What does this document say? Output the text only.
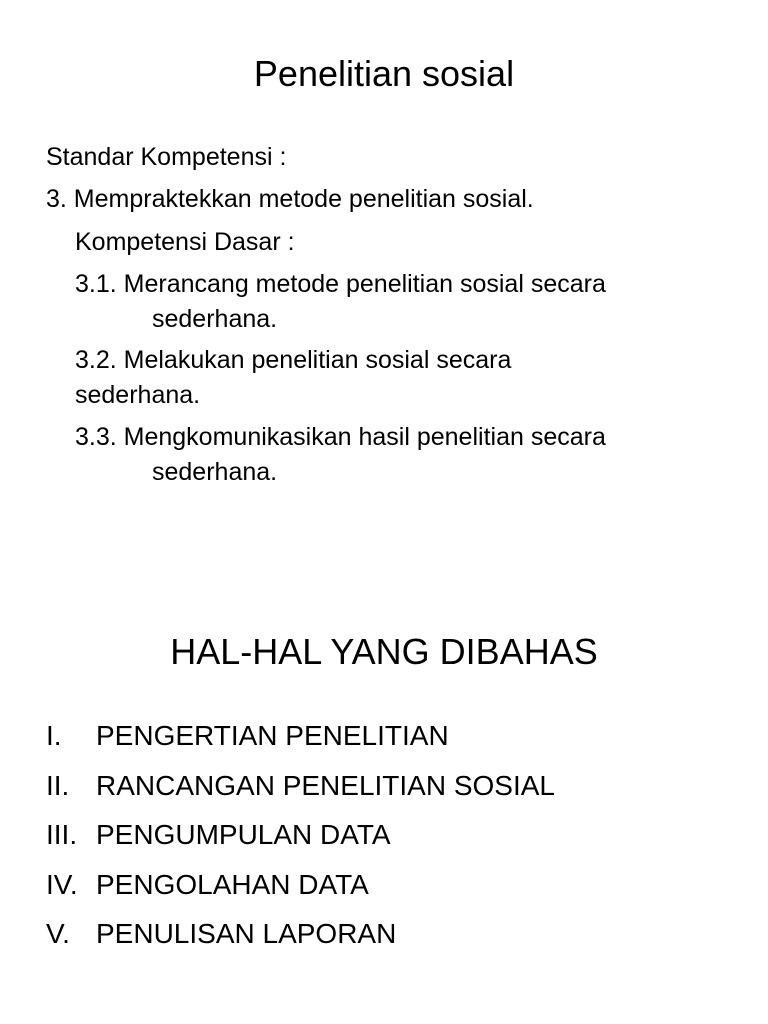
Penelitian sosial
Standar Kompetensi :
3. Mempraktekkan metode penelitian sosial.
Kompetensi Dasar :
3.1. Merancang metode penelitian sosial secara
sederhana.
3.2. Melakukan penelitian sosial secara
sederhana.
3.3. Mengkomunikasikan hasil penelitian secara
sederhana.
HAL-HAL YANG DIBAHAS
I. PENGERTIAN PENELITIAN
II. RANCANGAN PENELITIAN SOSIAL
III. PENGUMPULAN DATA
IV. PENGOLAHAN DATA
V. PENULISAN LAPORAN
